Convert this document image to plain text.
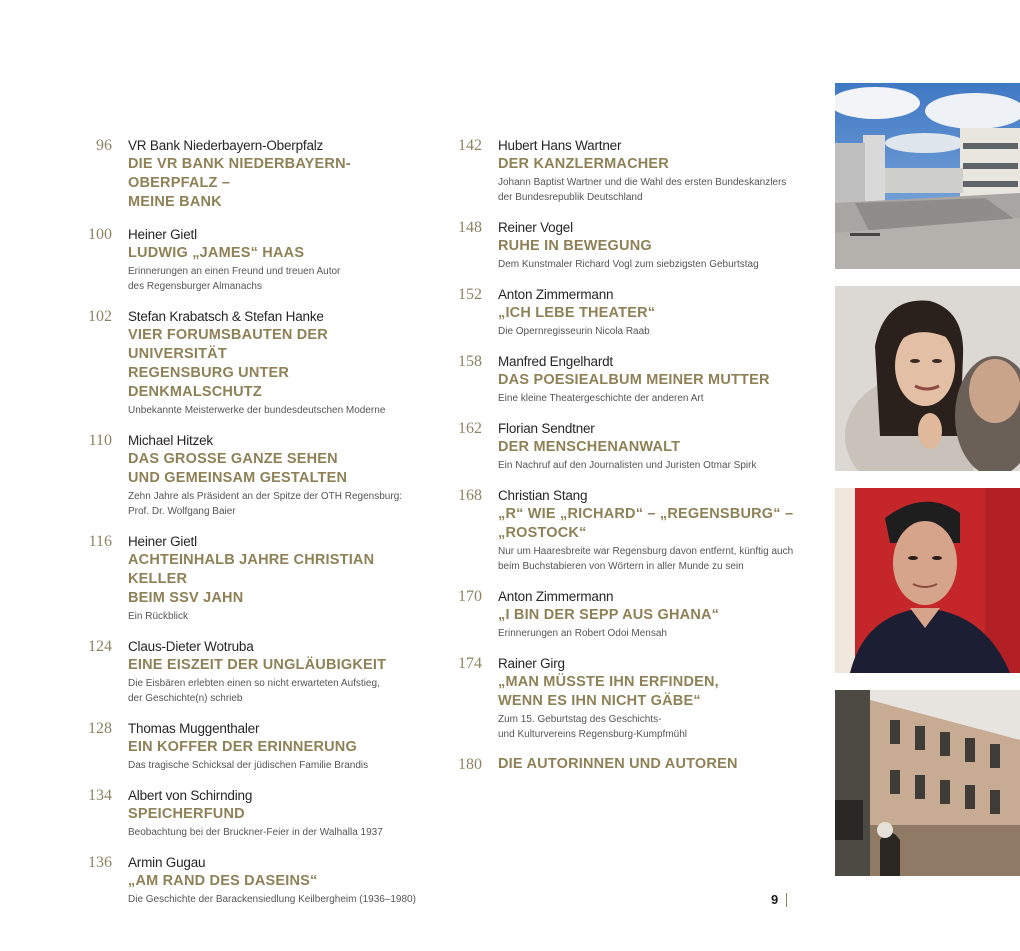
96	VR Bank Niederbayern-Oberpfalz
DIE VR BANK NIEDERBAYERN-OBERPFALZ –
MEINE BANK
100	Heiner Gietl
LUDWIG „JAMES“ HAAS
Erinnerungen an einen Freund und treuen Autor
des Regensburger Almanachs
102	Stefan Krabatsch & Stefan Hanke
VIER FORUMSBAUTEN DER UNIVERSITÄT
REGENSBURG UNTER DENKMALSCHUTZ
Unbekannte Meisterwerke der bundesdeutschen Moderne
110	Michael Hitzek
DAS GROSSE GANZE SEHEN
UND GEMEINSAM GESTALTEN
Zehn Jahre als Präsident an der Spitze der OTH Regensburg:
Prof. Dr. Wolfgang Baier
116	Heiner Gietl
ACHTEINHALB JAHRE CHRISTIAN KELLER
BEIM SSV JAHN
Ein Rückblick
124	Claus-Dieter Wotruba
EINE EISZEIT DER UNGLÄUBIGKEIT
Die Eisbären erlebten einen so nicht erwarteten Aufstieg,
der Geschichte(n) schrieb
128	Thomas Muggenthaler
EIN KOFFER DER ERINNERUNG
Das tragische Schicksal der jüdischen Familie Brandis
134	Albert von Schirnding
SPEICHERFUND
Beobachtung bei der Bruckner-Feier in der Walhalla 1937
136	Armin Gugau
„AM RAND DES DASEINS“
Die Geschichte der Barackensiedlung Keilbergheim (1936–1980)
142	Hubert Hans Wartner
DER KANZLERMACHER
Johann Baptist Wartner und die Wahl des ersten Bundeskanzlers
der Bundesrepublik Deutschland
148	Reiner Vogel
RUHE IN BEWEGUNG
Dem Kunstmaler Richard Vogl zum siebzigsten Geburtstag
152	Anton Zimmermann
„ICH LEBE THEATER“
Die Opernregisseurin Nicola Raab
158	Manfred Engelhardt
DAS POESIEALBUM MEINER MUTTER
Eine kleine Theatergeschichte der anderen Art
162	Florian Sendtner
DER MENSCHENANWALT
Ein Nachruf auf den Journalisten und Juristen Otmar Spirk
168	Christian Stang
„R“ WIE „RICHARD“ – „REGENSBURG“ –
„ROSTOCK“
Nur um Haaresbreite war Regensburg davon entfernt, künftig auch
beim Buchstabieren von Wörtern in aller Munde zu sein
170	Anton Zimmermann
„I BIN DER SEPP AUS GHANA“
Erinnerungen an Robert Odoi Mensah
174	Rainer Girg
„MAN MÜSSTE IHN ERFINDEN,
WENN ES IHN NICHT GÄBE“
Zum 15. Geburtstag des Geschichts-
und Kulturvereins Regensburg-Kumpfmühl
180	DIE AUTORINNEN UND AUTOREN
9
